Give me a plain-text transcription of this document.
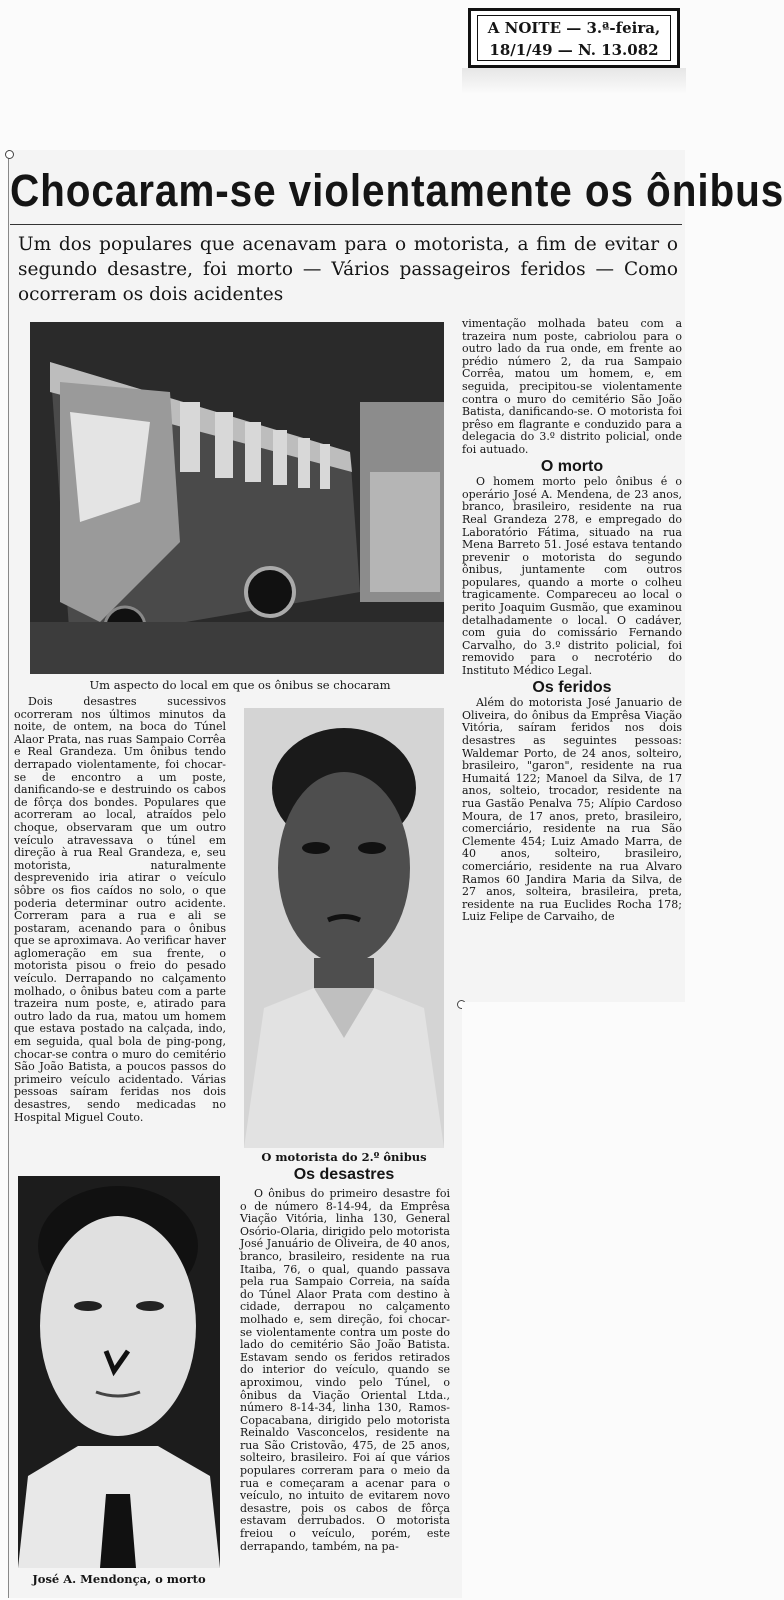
A NOITE — 3.ª-feira,
18/1/49 — N. 13.082
Chocaram-se violentamente os ônibus
Um dos populares que acenavam para o motorista, a fim de evitar o segundo desastre, foi morto — Vários passageiros feridos — Como ocorreram os dois acidentes
Um aspecto do local em que os ônibus se chocaram

Dois desastres sucessivos ocorreram nos últimos minutos da noite, de ontem, na boca do Túnel Alaor Prata, nas ruas Sampaio Corrêa e Real Grandeza. Um ônibus tendo derrapado violentamente, foi chocar-se de encontro a um poste, danificando-se e destruindo os cabos de fôrça dos bondes. Populares que acorreram ao local, atraídos pelo choque, observaram que um outro veículo atravessava o túnel em direção à rua Real Grandeza, e, seu motorista, naturalmente desprevenido iria atirar o veículo sôbre os fios caídos no solo, o que poderia determinar outro acidente. Correram para a rua e ali se postaram, acenando para o ônibus que se aproximava. Ao verificar haver aglomeração em sua frente, o motorista pisou o freio do pesado veículo. Derrapando no calçamento molhado, o ônibus bateu com a parte trazeira num poste, e, atirado para outro lado da rua, matou um homem que estava postado na calçada, indo, em seguida, qual bola de ping-pong, chocar-se contra o muro do cemitério São João Batista, a poucos passos do primeiro veículo acidentado. Várias pessoas saíram feridas nos dois desastres, sendo medicadas no Hospital Miguel Couto.

O motorista do 2.º ônibus
José A. Mendonça, o morto
Os desastres

O ônibus do primeiro desastre foi o de número 8-14-94, da Emprêsa Viação Vitória, linha 130, General Osório-Olaria, dirigido pelo motorista José Januário de Oliveira, de 40 anos, branco, brasileiro, residente na rua Itaiba, 76, o qual, quando passava pela rua Sampaio Correia, na saída do Túnel Alaor Prata com destino à cidade, derrapou no calçamento molhado e, sem direção, foi chocar-se violentamente contra um poste do lado do cemitério São João Batista. Estavam sendo os feridos retirados do interior do veículo, quando se aproximou, vindo pelo Túnel, o ônibus da Viação Oriental Ltda., número 8-14-34, linha 130, Ramos-Copacabana, dirigido pelo motorista Reinaldo Vasconcelos, residente na rua São Cristovão, 475, de 25 anos, solteiro, brasileiro. Foi aí que vários populares correram para o meio da rua e começaram a acenar para o veículo, no intuito de evitarem novo desastre, pois os cabos de fôrça estavam derrubados. O motorista freiou o veículo, porém, este derrapando, também, na pa-

vimentação molhada bateu com a trazeira num poste, cabriolou para o outro lado da rua onde, em frente ao prédio número 2, da rua Sampaio Corrêa, matou um homem, e, em seguida, precipitou-se violentamente contra o muro do cemitério São João Batista, danificando-se. O motorista foi prêso em flagrante e conduzido para a delegacia do 3.º distrito policial, onde foi autuado.

O morto

O homem morto pelo ônibus é o operário José A. Mendena, de 23 anos, branco, brasileiro, residente na rua Real Grandeza 278, e empregado do Laboratório Fátima, situado na rua Mena Barreto 51. José estava tentando prevenir o motorista do segundo ônibus, juntamente com outros populares, quando a morte o colheu tragicamente. Compareceu ao local o perito Joaquim Gusmão, que examinou detalhadamente o local. O cadáver, com guia do comissário Fernando Carvalho, do 3.º distrito policial, foi removido para o necrotério do Instituto Médico Legal.

Os feridos

Além do motorista José Januario de Oliveira, do ônibus da Emprêsa Viação Vitória, saíram feridos nos dois desastres as seguintes pessoas: Waldemar Porto, de 24 anos, solteiro, brasileiro, "garon", residente na rua Humaitá 122; Manoel da Silva, de 17 anos, solteio, trocador, residente na rua Gastão Penalva 75; Alípio Cardoso Moura, de 17 anos, preto, brasileiro, comerciário, residente na rua São Clemente 454; Luiz Amado Marra, de 40 anos, solteiro, brasileiro, comerciário, residente na rua Alvaro Ramos 60 Jandira Maria da Silva, de 27 anos, solteira, brasileira, preta, residente na rua Euclides Rocha 178; Luiz Felipe de Carvaiho, de
